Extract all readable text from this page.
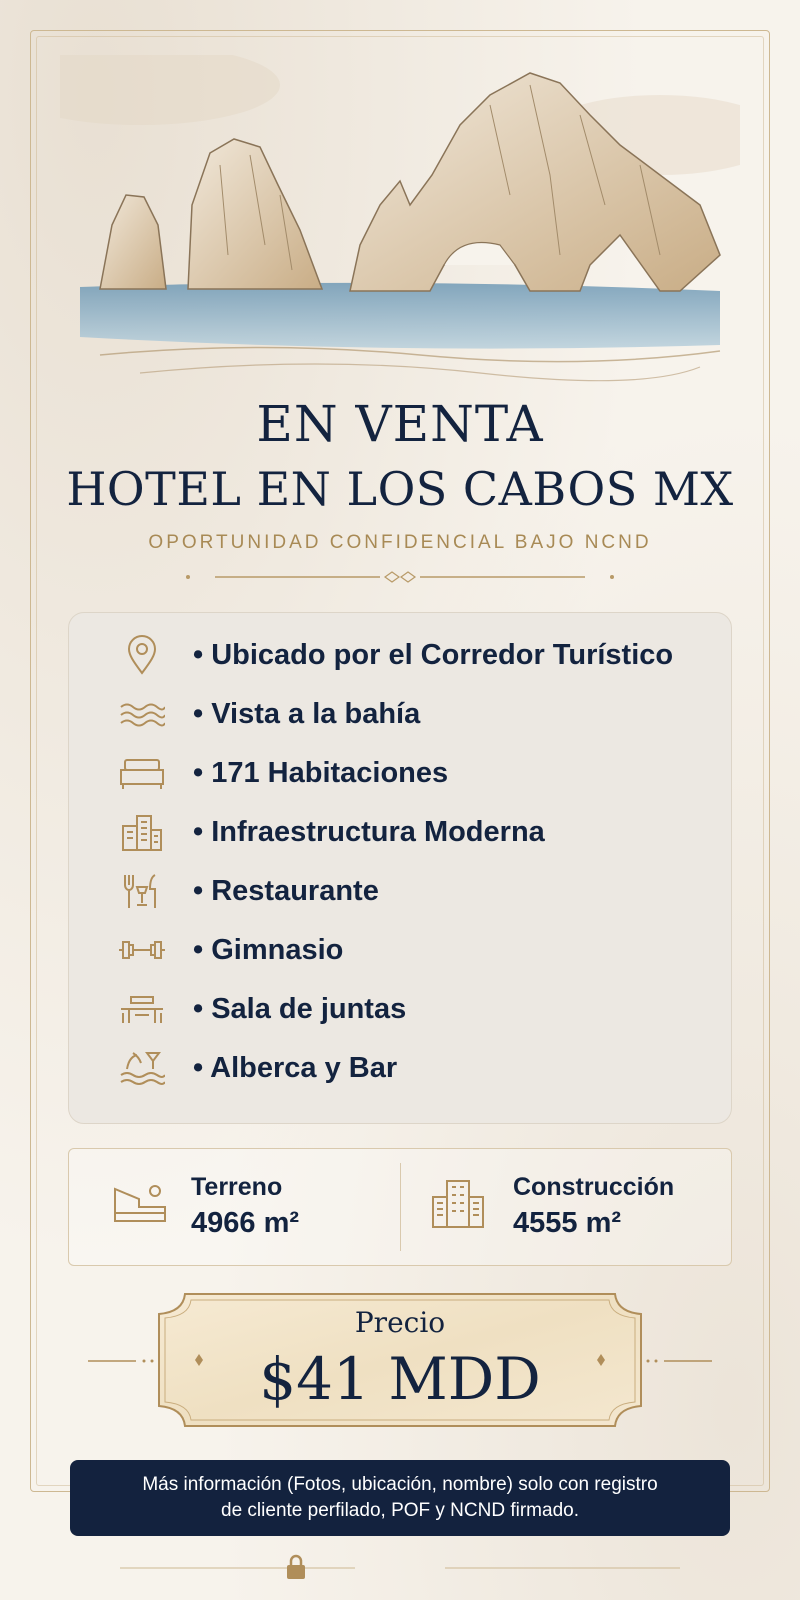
EN VENTA
HOTEL EN LOS CABOS MX
OPORTUNIDAD CONFIDENCIAL BAJO NCND
• Ubicado por el Corredor Turístico
• Vista a la bahía
• 171 Habitaciones
• Infraestructura Moderna
• Restaurante
• Gimnasio
• Sala de juntas
• Alberca y Bar
Terreno
4966 m²
Construcción
4555 m²
Precio
$41 MDD
Más información (Fotos, ubicación, nombre) solo con registro
de cliente perfilado, POF y NCND firmado.
